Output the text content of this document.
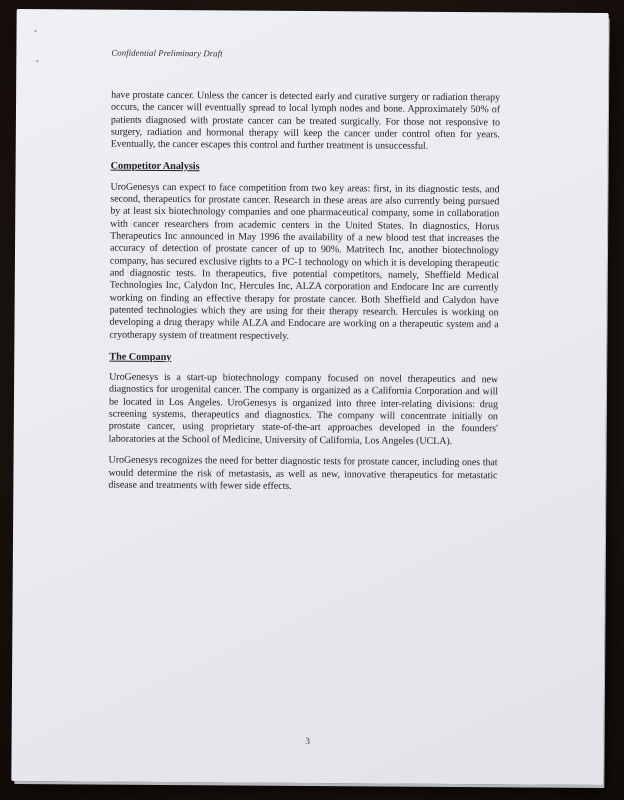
Confidential Preliminary Draft

have prostate cancer. Unless the cancer is detected early and curative surgery or radiation therapy occurs, the cancer will eventually spread to local lymph nodes and bone. Approximately 50% of patients diagnosed with prostate cancer can be treated surgically. For those not responsive to surgery, radiation and hormonal therapy will keep the cancer under control often for years. Eventually, the cancer escapes this control and further treatment is unsuccessful.

Competitor Analysis

UroGenesys can expect to face competition from two key areas: first, in its diagnostic tests, and second, therapeutics for prostate cancer. Research in these areas are also currently being pursued by at least six biotechnology companies and one pharmaceutical company, some in collaboration with cancer researchers from academic centers in the United States. In diagnostics, Horus Therapeutics Inc announced in May 1996 the availability of a new blood test that increases the accuracy of detection of prostate cancer of up to 90%. Matritech Inc, another biotechnology company, has secured exclusive rights to a PC-1 technology on which it is developing therapeutic and diagnostic tests. In therapeutics, five potential competitors, namely, Sheffield Medical Technologies Inc, Calydon Inc, Hercules Inc, ALZA corporation and Endocare Inc are currently working on finding an effective therapy for prostate cancer. Both Sheffield and Calydon have patented technologies which they are using for their therapy research. Hercules is working on developing a drug therapy while ALZA and Endocare are working on a therapeutic system and a cryotherapy system of treatment respectively.

The Company

UroGenesys is a start-up biotechnology company focused on novel therapeutics and new diagnostics for urogenital cancer. The company is organized as a California Corporation and will be located in Los Angeles. UroGenesys is organized into three inter-relating divisions: drug screening systems, therapeutics and diagnostics. The company will concentrate initially on prostate cancer, using proprietary state-of-the-art approaches developed in the founders' laboratories at the School of Medicine, University of California, Los Angeles (UCLA).

UroGenesys recognizes the need for better diagnostic tests for prostate cancer, including ones that would determine the risk of metastasis, as well as new, innovative therapeutics for metastatic disease and treatments with fewer side effects.

3
